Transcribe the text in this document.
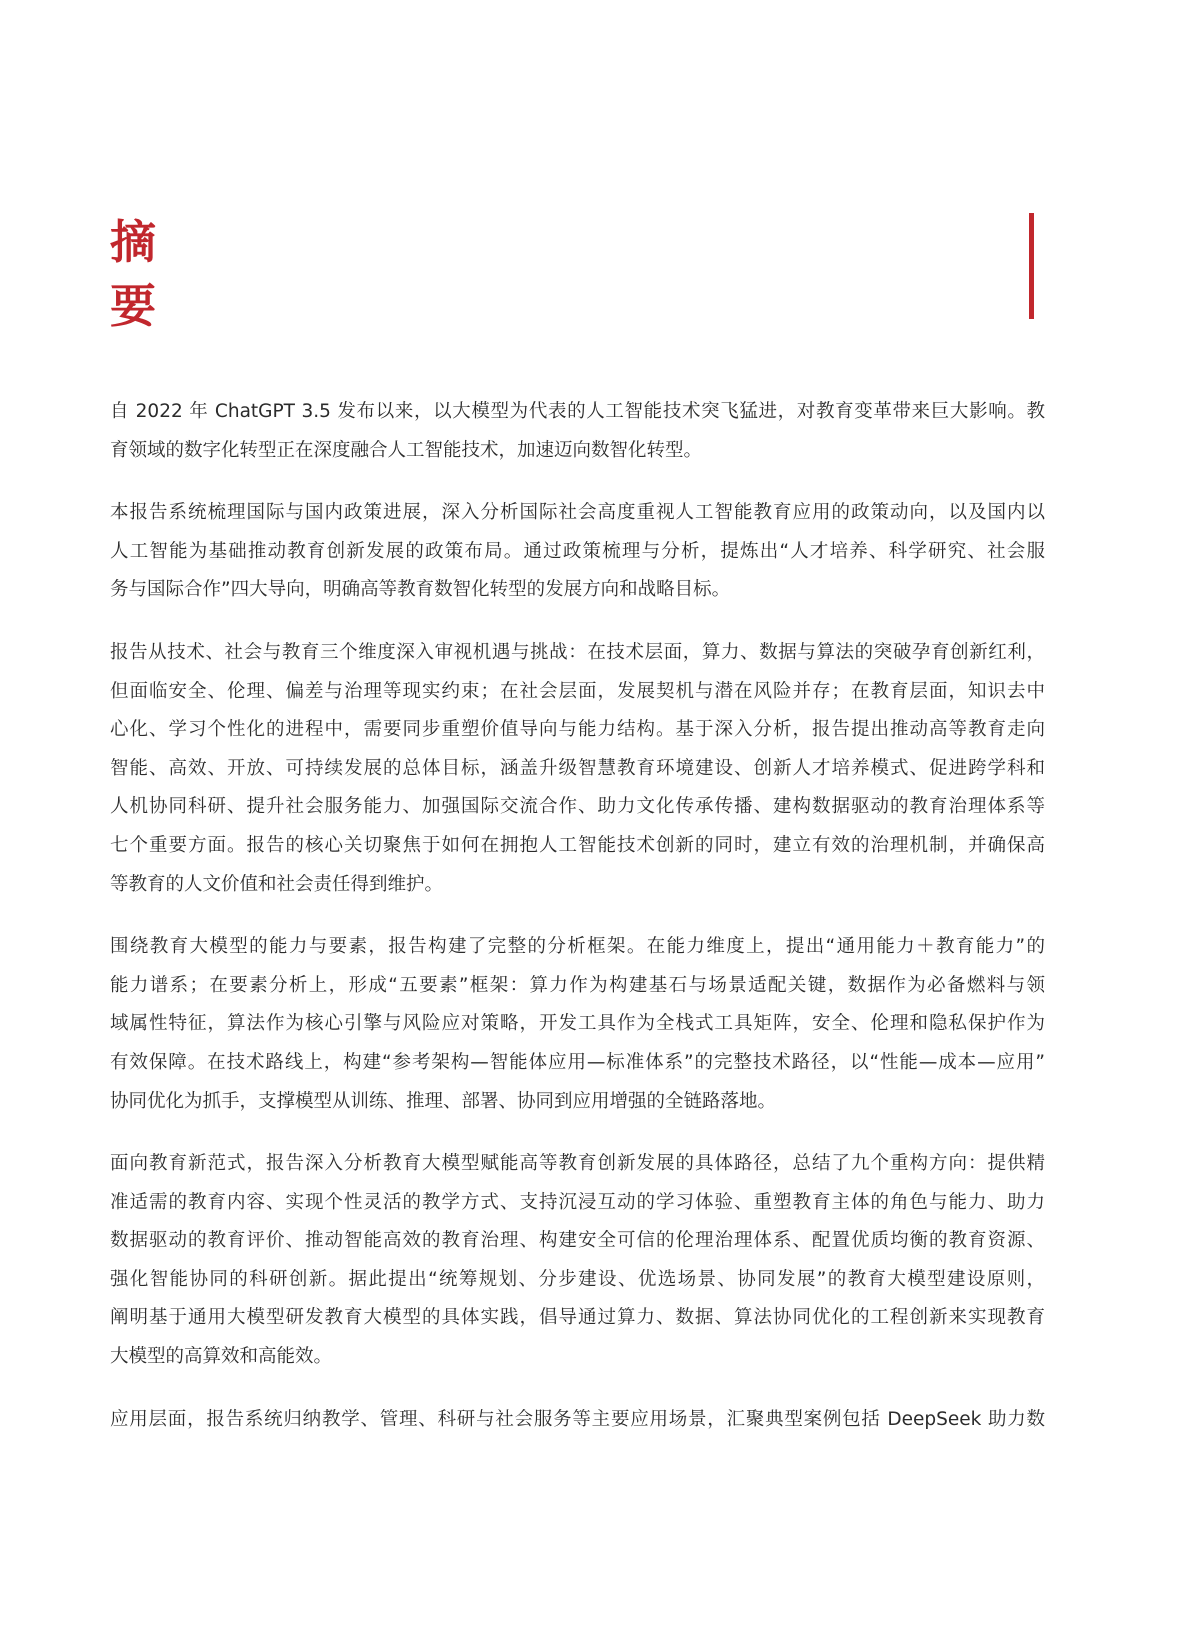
摘
要
自 2022 年 ChatGPT 3.5 发布以来，以大模型为代表的人工智能技术突飞猛进，对教育变革带来巨大影响。教
育领域的数字化转型正在深度融合人工智能技术，加速迈向数智化转型。
本报告系统梳理国际与国内政策进展，深入分析国际社会高度重视人工智能教育应用的政策动向，以及国内以
人工智能为基础推动教育创新发展的政策布局。通过政策梳理与分析，提炼出“人才培养、科学研究、社会服
务与国际合作”四大导向，明确高等教育数智化转型的发展方向和战略目标。
报告从技术、社会与教育三个维度深入审视机遇与挑战：在技术层面，算力、数据与算法的突破孕育创新红利，
但面临安全、伦理、偏差与治理等现实约束；在社会层面，发展契机与潜在风险并存；在教育层面，知识去中
心化、学习个性化的进程中，需要同步重塑价值导向与能力结构。基于深入分析，报告提出推动高等教育走向
智能、高效、开放、可持续发展的总体目标，涵盖升级智慧教育环境建设、创新人才培养模式、促进跨学科和
人机协同科研、提升社会服务能力、加强国际交流合作、助力文化传承传播、建构数据驱动的教育治理体系等
七个重要方面。报告的核心关切聚焦于如何在拥抱人工智能技术创新的同时，建立有效的治理机制，并确保高
等教育的人文价值和社会责任得到维护。
围绕教育大模型的能力与要素，报告构建了完整的分析框架。在能力维度上，提出“通用能力＋教育能力”的
能力谱系；在要素分析上，形成“五要素”框架：算力作为构建基石与场景适配关键，数据作为必备燃料与领
域属性特征，算法作为核心引擎与风险应对策略，开发工具作为全栈式工具矩阵，安全、伦理和隐私保护作为
有效保障。在技术路线上，构建“参考架构—智能体应用—标准体系”的完整技术路径，以“性能—成本—应用”
协同优化为抓手，支撑模型从训练、推理、部署、协同到应用增强的全链路落地。
面向教育新范式，报告深入分析教育大模型赋能高等教育创新发展的具体路径，总结了九个重构方向：提供精
准适需的教育内容、实现个性灵活的教学方式、支持沉浸互动的学习体验、重塑教育主体的角色与能力、助力
数据驱动的教育评价、推动智能高效的教育治理、构建安全可信的伦理治理体系、配置优质均衡的教育资源、
强化智能协同的科研创新。据此提出“统筹规划、分步建设、优选场景、协同发展”的教育大模型建设原则，
阐明基于通用大模型研发教育大模型的具体实践，倡导通过算力、数据、算法协同优化的工程创新来实现教育
大模型的高算效和高能效。
应用层面，报告系统归纳教学、管理、科研与社会服务等主要应用场景，汇聚典型案例包括 DeepSeek 助力数
